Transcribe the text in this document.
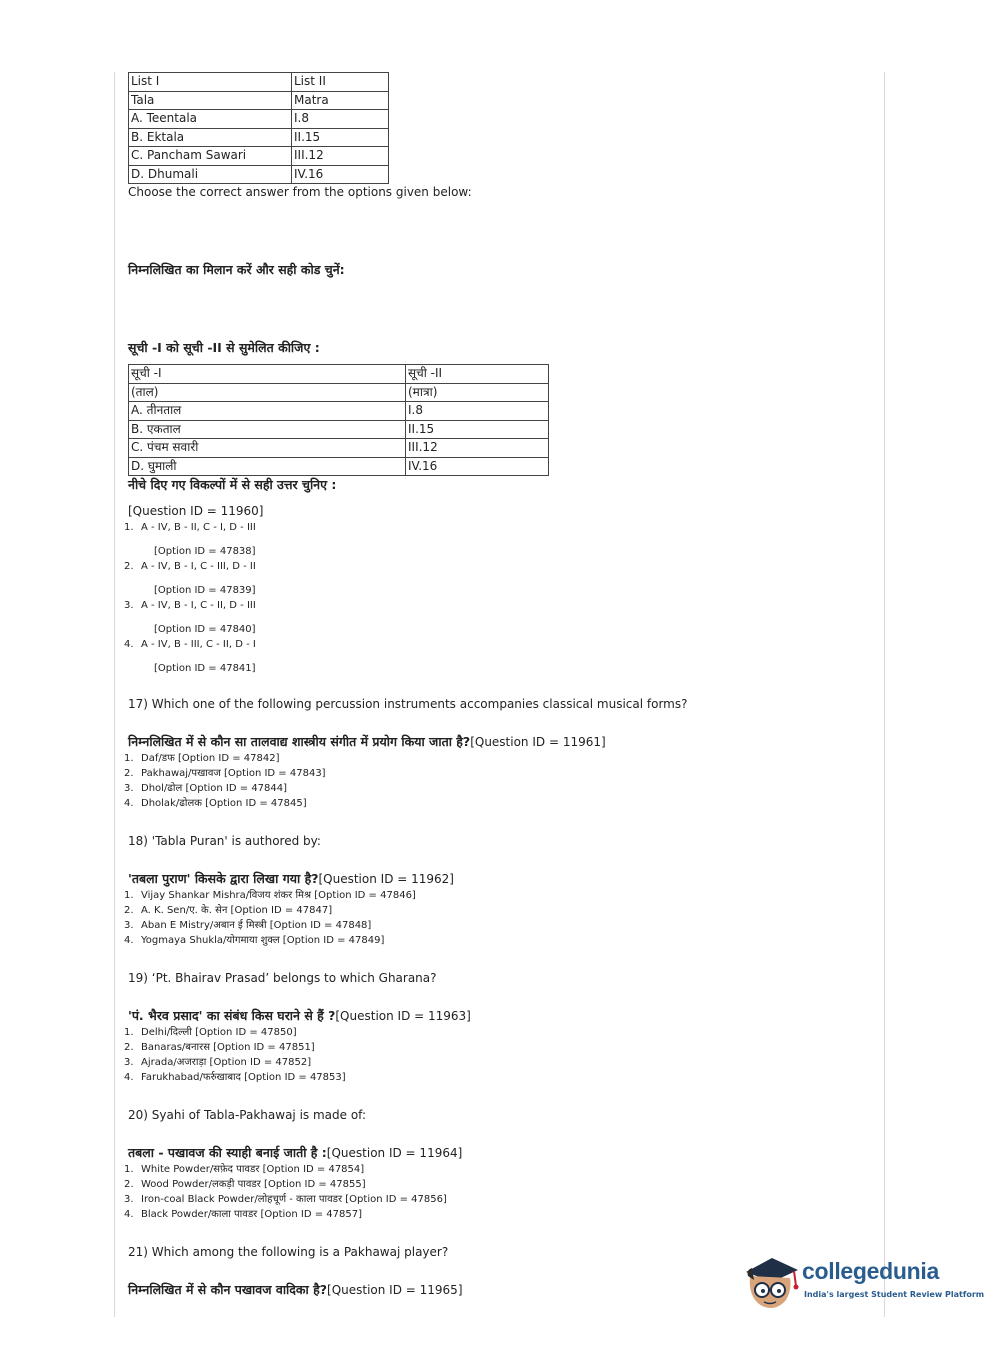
List I	List II
Tala	Matra
A. Teentala	I.8
B. Ektala	II.15
C. Pancham Sawari	III.12
D. Dhumali	IV.16
Choose the correct answer from the options given below:
निम्नलिखित का मिलान करें और सही कोड चुनें:
सूची -I को सूची -II से सुमेलित कीजिए :
सूची -I	सूची -II
(ताल)	(मात्रा)
A. तीनताल	I.8
B. एकताल	II.15
C. पंचम सवारी	III.12
D. घुमाली	IV.16
नीचे दिए गए विकल्पों में से सही उत्तर चुनिए :
[Question ID = 11960]
1. A - IV, B - II, C - I, D - III
[Option ID = 47838]
2. A - IV, B - I, C - III, D - II
[Option ID = 47839]
3. A - IV, B - I, C - II, D - III
[Option ID = 47840]
4. A - IV, B - III, C - II, D - I
[Option ID = 47841]
17) Which one of the following percussion instruments accompanies classical musical forms?
निम्नलिखित में से कौन सा तालवाद्य शास्त्रीय संगीत में प्रयोग किया जाता है?[Question ID = 11961]
1. Daf/डफ [Option ID = 47842]
2. Pakhawaj/पखावज [Option ID = 47843]
3. Dhol/ढोल [Option ID = 47844]
4. Dholak/ढोलक [Option ID = 47845]
18) 'Tabla Puran' is authored by:
'तबला पुराण' किसके द्वारा लिखा गया है?[Question ID = 11962]
1. Vijay Shankar Mishra/विजय शंकर मिश्र [Option ID = 47846]
2. A. K. Sen/ए. के. सेन [Option ID = 47847]
3. Aban E Mistry/अबान ई मिस्त्री [Option ID = 47848]
4. Yogmaya Shukla/योगमाया शुक्ल [Option ID = 47849]
19) ‘Pt. Bhairav Prasad’ belongs to which Gharana?
'पं. भैरव प्रसाद' का संबंध किस घराने से हैं ?[Question ID = 11963]
1. Delhi/दिल्ली [Option ID = 47850]
2. Banaras/बनारस [Option ID = 47851]
3. Ajrada/अजराड़ा [Option ID = 47852]
4. Farukhabad/फर्रुखाबाद [Option ID = 47853]
20) Syahi of Tabla-Pakhawaj is made of:
तबला - पखावज की स्याही बनाई जाती है :[Question ID = 11964]
1. White Powder/सफ़ेद पावडर [Option ID = 47854]
2. Wood Powder/लकड़ी पावडर [Option ID = 47855]
3. Iron-coal Black Powder/लोहचूर्ण - काला पावडर [Option ID = 47856]
4. Black Powder/काला पावडर [Option ID = 47857]
21) Which among the following is a Pakhawaj player?
निम्नलिखित में से कौन पखावज वादिका है?[Question ID = 11965]
collegedunia
India's largest Student Review Platform
